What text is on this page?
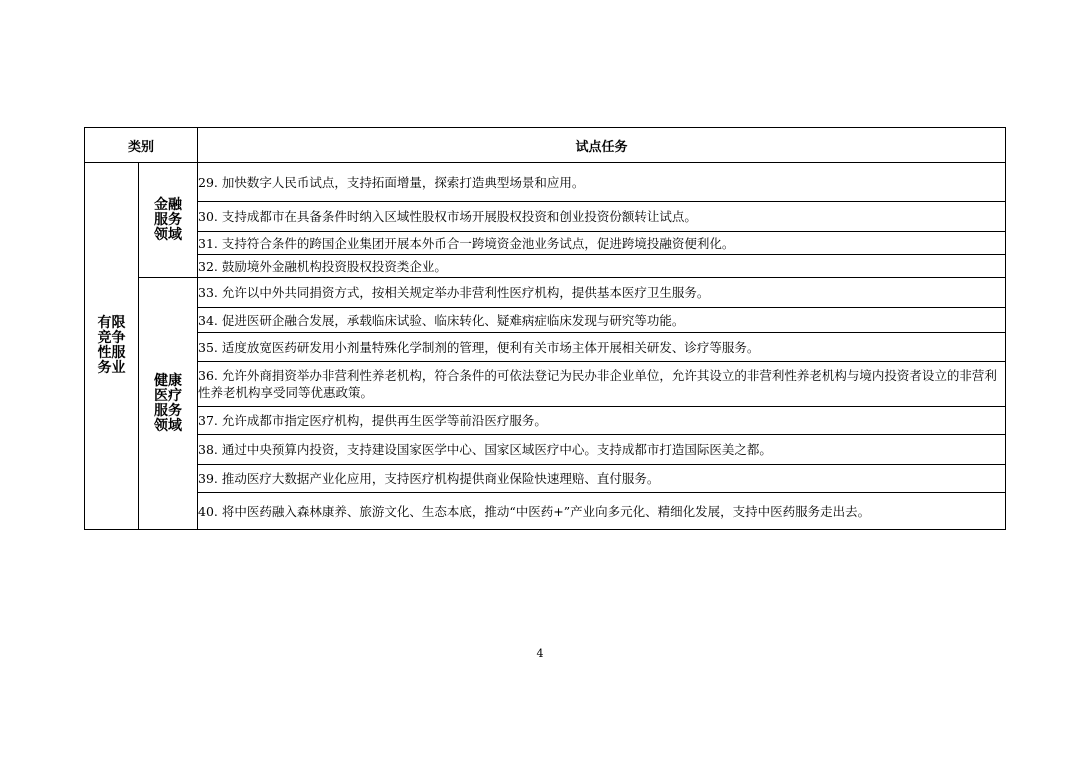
类别		试点任务
有限竞争性服务业	金融服务领域	29. 加快数字人民币试点，支持拓面增量，探索打造典型场景和应用。
		30. 支持成都市在具备条件时纳入区域性股权市场开展股权投资和创业投资份额转让试点。
		31. 支持符合条件的跨国企业集团开展本外币合一跨境资金池业务试点，促进跨境投融资便利化。
		32. 鼓励境外金融机构投资股权投资类企业。
	健康医疗服务领域	33. 允许以中外共同捐资方式，按相关规定举办非营利性医疗机构，提供基本医疗卫生服务。
		34. 促进医研企融合发展，承载临床试验、临床转化、疑难病症临床发现与研究等功能。
		35. 适度放宽医药研发用小剂量特殊化学制剂的管理，便利有关市场主体开展相关研发、诊疗等服务。
		36. 允许外商捐资举办非营利性养老机构，符合条件的可依法登记为民办非企业单位，允许其设立的非营利性养老机构与境内投资者设立的非营利性养老机构享受同等优惠政策。
		37. 允许成都市指定医疗机构，提供再生医学等前沿医疗服务。
		38. 通过中央预算内投资，支持建设国家医学中心、国家区域医疗中心。支持成都市打造国际医美之都。
		39. 推动医疗大数据产业化应用，支持医疗机构提供商业保险快速理赔、直付服务。
		40. 将中医药融入森林康养、旅游文化、生态本底，推动“中医药+”产业向多元化、精细化发展，支持中医药服务走出去。
4
